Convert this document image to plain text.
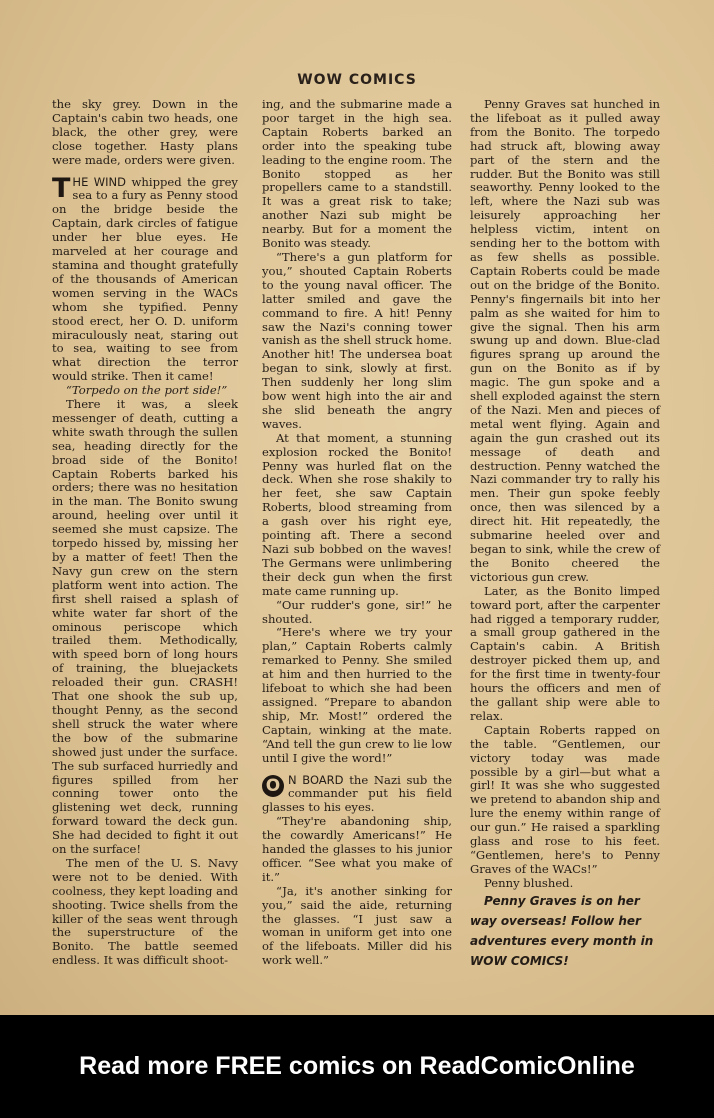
WOW COMICS

the sky grey. Down in the Captain's cabin two heads, one black, the other grey, were close together. Hasty plans were made, orders were given.

THE WIND whipped the grey sea to a fury as Penny stood on the bridge beside the Captain, dark circles of fatigue under her blue eyes. He marveled at her courage and stamina and thought gratefully of the thousands of American women serving in the WACs whom she typified. Penny stood erect, her O. D. uniform miraculously neat, staring out to sea, waiting to see from what direction the terror would strike. Then it came!

“Torpedo on the port side!”

There it was, a sleek messenger of death, cutting a white swath through the sullen sea, heading directly for the broad side of the Bonito! Captain Roberts barked his orders; there was no hesitation in the man. The Bonito swung around, heeling over until it seemed she must capsize. The torpedo hissed by, missing her by a matter of feet! Then the Navy gun crew on the stern platform went into action. The first shell raised a splash of white water far short of the ominous periscope which trailed them. Methodically, with speed born of long hours of training, the bluejackets reloaded their gun. CRASH! That one shook the sub up, thought Penny, as the second shell struck the water where the bow of the submarine showed just under the surface. The sub surfaced hurriedly and figures spilled from her conning tower onto the glistening wet deck, running forward toward the deck gun. She had decided to fight it out on the surface!

The men of the U. S. Navy were not to be denied. With coolness, they kept loading and shooting. Twice shells from the killer of the seas went through the superstructure of the Bonito. The battle seemed endless. It was difficult shoot-

ing, and the submarine made a poor target in the high sea. Captain Roberts barked an order into the speaking tube leading to the engine room. The Bonito stopped as her propellers came to a standstill. It was a great risk to take; another Nazi sub might be nearby. But for a moment the Bonito was steady.

“There's a gun platform for you,” shouted Captain Roberts to the young naval officer. The latter smiled and gave the command to fire. A hit! Penny saw the Nazi's conning tower vanish as the shell struck home. Another hit! The undersea boat began to sink, slowly at first. Then suddenly her long slim bow went high into the air and she slid beneath the angry waves.

At that moment, a stunning explosion rocked the Bonito! Penny was hurled flat on the deck. When she rose shakily to her feet, she saw Captain Roberts, blood streaming from a gash over his right eye, pointing aft. There a second Nazi sub bobbed on the waves! The Germans were unlimbering their deck gun when the first mate came running up.

“Our rudder's gone, sir!” he shouted.

“Here's where we try your plan,” Captain Roberts calmly remarked to Penny. She smiled at him and then hurried to the lifeboat to which she had been assigned. “Prepare to abandon ship, Mr. Most!” ordered the Captain, winking at the mate. “And tell the gun crew to lie low until I give the word!”

O N BOARD the Nazi sub the commander put his field glasses to his eyes.

“They're abandoning ship, the cowardly Americans!” He handed the glasses to his junior officer. “See what you make of it.”

“Ja, it's another sinking for you,” said the aide, returning the glasses. “I just saw a woman in uniform get into one of the lifeboats. Miller did his work well.”

Penny Graves sat hunched in the lifeboat as it pulled away from the Bonito. The torpedo had struck aft, blowing away part of the stern and the rudder. But the Bonito was still seaworthy. Penny looked to the left, where the Nazi sub was leisurely approaching her helpless victim, intent on sending her to the bottom with as few shells as possible. Captain Roberts could be made out on the bridge of the Bonito. Penny's fingernails bit into her palm as she waited for him to give the signal. Then his arm swung up and down. Blue-clad figures sprang up around the gun on the Bonito as if by magic. The gun spoke and a shell exploded against the stern of the Nazi. Men and pieces of metal went flying. Again and again the gun crashed out its message of death and destruction. Penny watched the Nazi commander try to rally his men. Their gun spoke feebly once, then was silenced by a direct hit. Hit repeatedly, the submarine heeled over and began to sink, while the crew of the Bonito cheered the victorious gun crew.

Later, as the Bonito limped toward port, after the carpenter had rigged a temporary rudder, a small group gathered in the Captain's cabin. A British destroyer picked them up, and for the first time in twenty-four hours the officers and men of the gallant ship were able to relax.

Captain Roberts rapped on the table. “Gentlemen, our victory today was made possible by a girl—but what a girl! It was she who suggested we pretend to abandon ship and lure the enemy within range of our gun.” He raised a sparkling glass and rose to his feet. “Gentlemen, here's to Penny Graves of the WACs!”

Penny blushed.

Penny Graves is on her way overseas! Follow her adventures every month in WOW COMICS!

Read more FREE comics on ReadComicOnline
